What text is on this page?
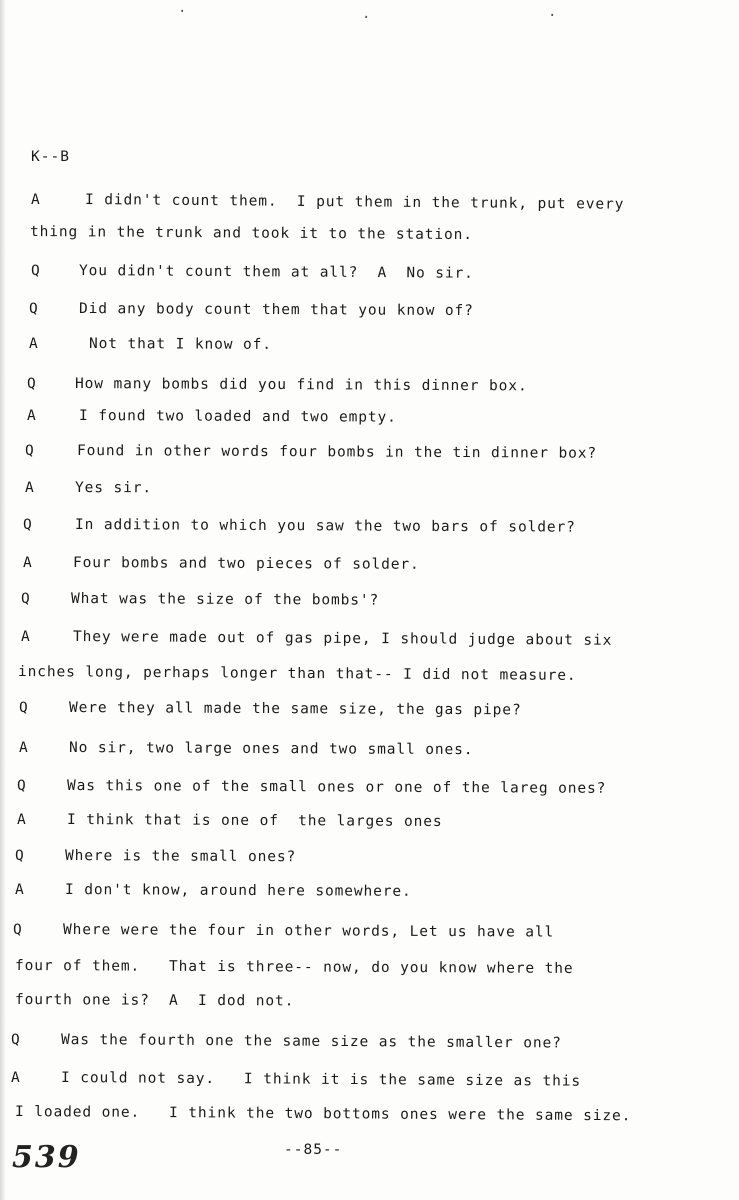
·	·	·
K--B
A	I didn't count them.  I put them in the trunk, put every
thing in the trunk and took it to the station.
Q	You didn't count them at all?  A  No sir.
Q	Did any body count them that you know of?
A	Not that I know of.
Q	How many bombs did you find in this dinner box.
A	I found two loaded and two empty.
Q	Found in other words four bombs in the tin dinner box?
A	Yes sir.
Q	In addition to which you saw the two bars of solder?
A	Four bombs and two pieces of solder.
Q	What was the size of the bombs'?
A	They were made out of gas pipe, I should judge about six
inches long, perhaps longer than that-- I did not measure.
Q	Were they all made the same size, the gas pipe?
A	No sir, two large ones and two small ones.
Q	Was this one of the small ones or one of the lareg ones?
A	I think that is one of  the larges ones
Q	Where is the small ones?
A	I don't know, around here somewhere.
Q	Where were the four in other words, Let us have all
four of them.   That is three-- now, do you know where the
fourth one is?  A  I dod not.
Q	Was the fourth one the same size as the smaller one?
A	I could not say.   I think it is the same size as this
I loaded one.   I think the two bottoms ones were the same size.
--85--
539
